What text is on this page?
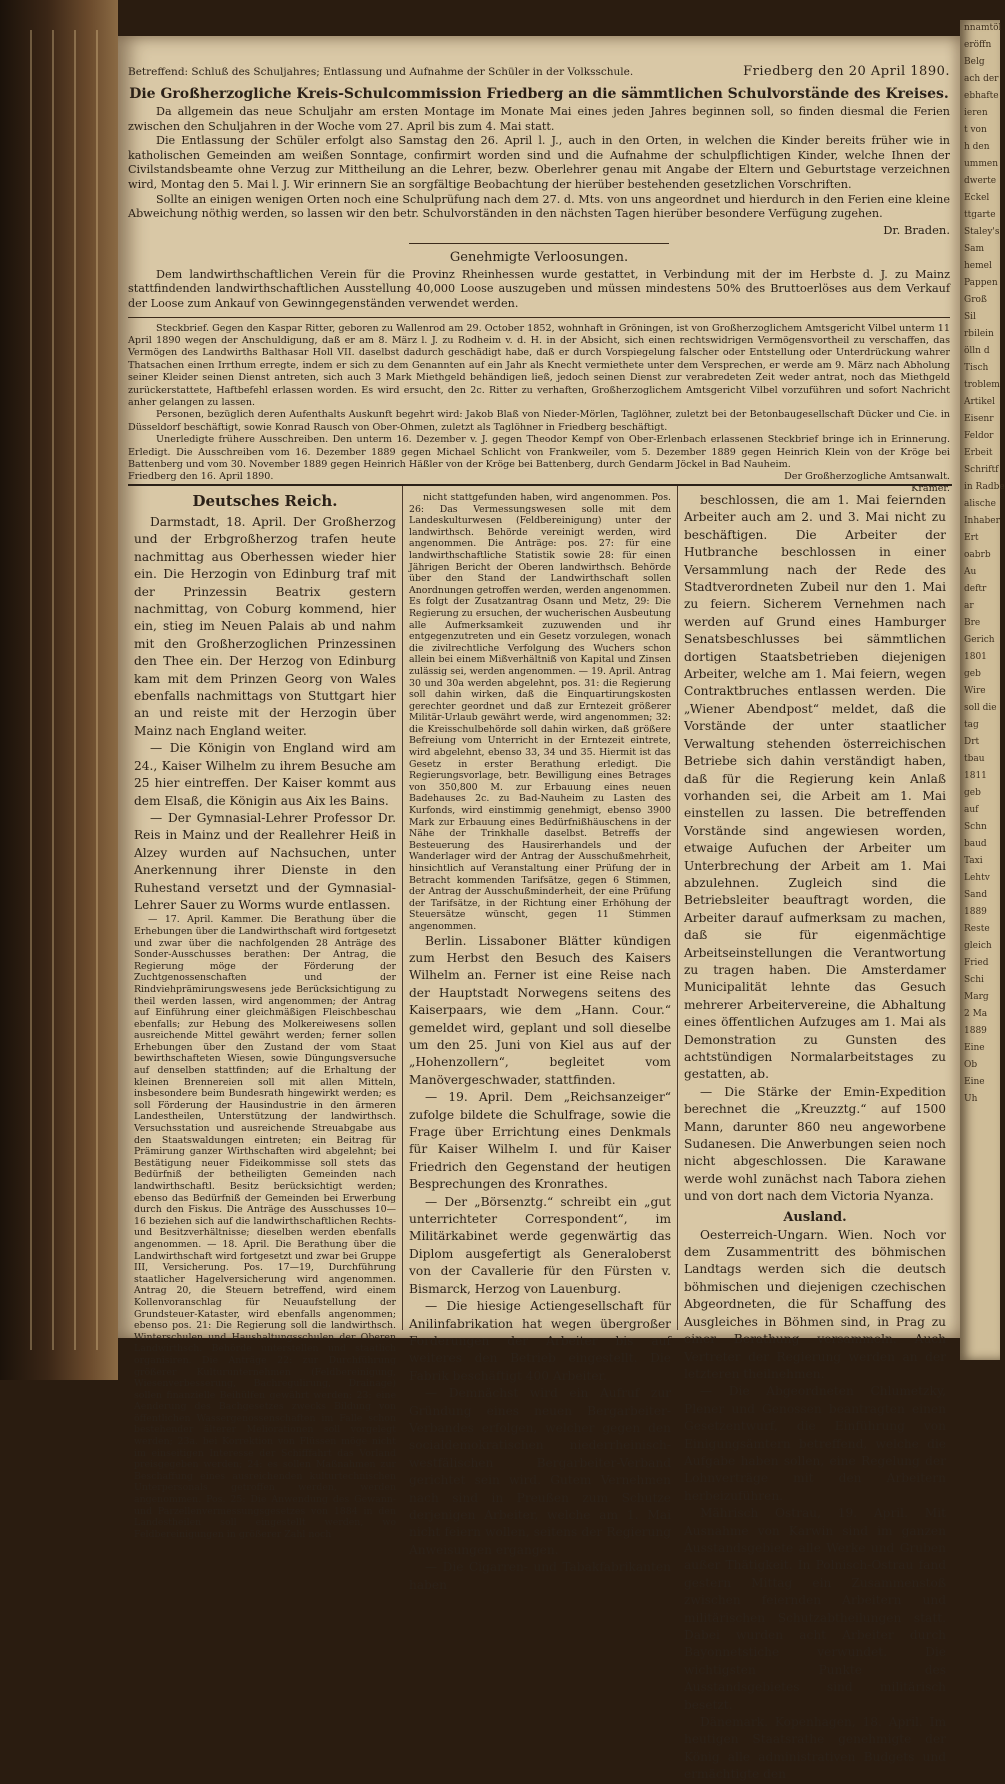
Betreffend: Schluß des Schuljahres; Entlassung und Aufnahme der Schüler in der Volksschule.	Friedberg den 20 April 1890.
Die Großherzogliche Kreis-Schulcommission Friedberg an die sämmtlichen Schulvorstände des Kreises.

Da allgemein das neue Schuljahr am ersten Montage im Monate Mai eines jeden Jahres beginnen soll, so finden diesmal die Ferien zwischen den Schuljahren in der Woche vom 27. April bis zum 4. Mai statt.

Die Entlassung der Schüler erfolgt also Samstag den 26. April l. J., auch in den Orten, in welchen die Kinder bereits früher wie in katholischen Gemeinden am weißen Sonntage, confirmirt worden sind und die Aufnahme der schulpflichtigen Kinder, welche Ihnen der Civilstandsbeamte ohne Verzug zur Mittheilung an die Lehrer, bezw. Oberlehrer genau mit Angabe der Eltern und Geburtstage verzeichnen wird, Montag den 5. Mai l. J. Wir erinnern Sie an sorgfältige Beobachtung der hierüber bestehenden gesetzlichen Vorschriften.

Sollte an einigen wenigen Orten noch eine Schulprüfung nach dem 27. d. Mts. von uns angeordnet und hierdurch in den Ferien eine kleine Abweichung nöthig werden, so lassen wir den betr. Schulvorständen in den nächsten Tagen hierüber besondere Verfügung zugehen.

Dr. Braden.
Genehmigte Verloosungen.

Dem landwirthschaftlichen Verein für die Provinz Rheinhessen wurde gestattet, in Verbindung mit der im Herbste d. J. zu Mainz stattfindenden landwirthschaftlichen Ausstellung 40,000 Loose auszugeben und müssen mindestens 50% des Bruttoerlöses aus dem Verkauf der Loose zum Ankauf von Gewinngegenständen verwendet werden.

Steckbrief. Gegen den Kaspar Ritter, geboren zu Wallenrod am 29. October 1852, wohnhaft in Gröningen, ist von Großherzoglichem Amtsgericht Vilbel unterm 11 April 1890 wegen der Anschuldigung, daß er am 8. März l. J. zu Rodheim v. d. H. in der Absicht, sich einen rechtswidrigen Vermögensvortheil zu verschaffen, das Vermögen des Landwirths Balthasar Holl VII. daselbst dadurch geschädigt habe, daß er durch Vorspiegelung falscher oder Entstellung oder Unterdrückung wahrer Thatsachen einen Irrthum erregte, indem er sich zu dem Genannten auf ein Jahr als Knecht vermiethete unter dem Versprechen, er werde am 9. März nach Abholung seiner Kleider seinen Dienst antreten, sich auch 3 Mark Miethgeld behändigen ließ, jedoch seinen Dienst zur verabredeten Zeit weder antrat, noch das Miethgeld zurückerstattete, Haftbefehl erlassen worden. Es wird ersucht, den 2c. Ritter zu verhaften, Großherzoglichem Amtsgericht Vilbel vorzuführen und sofort Nachricht anher gelangen zu lassen.

Personen, bezüglich deren Aufenthalts Auskunft begehrt wird: Jakob Blaß von Nieder-Mörlen, Taglöhner, zuletzt bei der Betonbaugesellschaft Dücker und Cie. in Düsseldorf beschäftigt, sowie Konrad Rausch von Ober-Ohmen, zuletzt als Taglöhner in Friedberg beschäftigt.

Unerledigte frühere Ausschreiben. Den unterm 16. Dezember v. J. gegen Theodor Kempf von Ober-Erlenbach erlassenen Steckbrief bringe ich in Erinnerung. Erledigt. Die Ausschreiben vom 16. Dezember 1889 gegen Michael Schlicht von Frankweiler, vom 5. Dezember 1889 gegen Heinrich Klein von der Kröge bei Battenberg und vom 30. November 1889 gegen Heinrich Häßler von der Kröge bei Battenberg, durch Gendarm Jöckel in Bad Nauheim.

Friedberg den 16. April 1890.	Der Großherzogliche Amtsanwalt.
Krämer.
Deutsches Reich.

Darmstadt, 18. April. Der Großherzog und der Erbgroßherzog trafen heute nachmittag aus Oberhessen wieder hier ein. Die Herzogin von Edinburg traf mit der Prinzessin Beatrix gestern nachmittag, von Coburg kommend, hier ein, stieg im Neuen Palais ab und nahm mit den Großherzoglichen Prinzessinen den Thee ein. Der Herzog von Edinburg kam mit dem Prinzen Georg von Wales ebenfalls nachmittags von Stuttgart hier an und reiste mit der Herzogin über Mainz nach England weiter.

— Die Königin von England wird am 24., Kaiser Wilhelm zu ihrem Besuche am 25 hier eintreffen. Der Kaiser kommt aus dem Elsaß, die Königin aus Aix les Bains.

— Der Gymnasial-Lehrer Professor Dr. Reis in Mainz und der Reallehrer Heiß in Alzey wurden auf Nachsuchen, unter Anerkennung ihrer Dienste in den Ruhestand versetzt und der Gymnasial-Lehrer Sauer zu Worms wurde entlassen.

— 17. April. Kammer. Die Berathung über die Erhebungen über die Landwirthschaft wird fortgesetzt und zwar über die nachfolgenden 28 Anträge des Sonder-Ausschusses berathen: Der Antrag, die Regierung möge der Förderung der Zuchtgenossenschaften und der Rindviehprämirungswesens jede Berücksichtigung zu theil werden lassen, wird angenommen; der Antrag auf Einführung einer gleichmäßigen Fleischbeschau ebenfalls; zur Hebung des Molkereiwesens sollen ausreichende Mittel gewährt werden; ferner sollen Erhebungen über den Zustand der vom Staat bewirthschafteten Wiesen, sowie Düngungsversuche auf denselben stattfinden; auf die Erhaltung der kleinen Brennereien soll mit allen Mitteln, insbesondere beim Bundesrath hingewirkt werden; es soll Förderung der Hausindustrie in den ärmeren Landestheilen, Unterstützung der landwirthsch. Versuchsstation und ausreichende Streuabgabe aus den Staatswaldungen eintreten; ein Beitrag für Prämirung ganzer Wirthschaften wird abgelehnt; bei Bestätigung neuer Fideikommisse soll stets das Bedürfniß der betheiligten Gemeinden nach landwirthschaftl. Besitz berücksichtigt werden; ebenso das Bedürfniß der Gemeinden bei Erwerbung durch den Fiskus. Die Anträge des Ausschusses 10—16 beziehen sich auf die landwirthschaftlichen Rechts- und Besitzverhältnisse; dieselben werden ebenfalls angenommen. — 18. April. Die Berathung über die Landwirthschaft wird fortgesetzt und zwar bei Gruppe III, Versicherung. Pos. 17—19, Durchführung staatlicher Hagelversicherung wird angenommen. Antrag 20, die Steuern betreffend, wird einem Kollenvoranschlag für Neuaufstellung der Grundsteuer-Kataster, wird ebenfalls angenommen; ebenso pos. 21: Die Regierung soll die landwirthsch. Winterschulen und Haushaltungsschulen der Oberen Landwirthsch. Behörde unterstellen und staatlich organisiren. Die Anträge 22: zur Durchführung größerer Kulturunternehmen (Feldbereinigung, Wiesenverbesserung, Bachregulirung, Drainage) sollen finanzielle Beihülfen gewährt werden; 23: eine Aenderung des Bachgesetzes zwecks Bildung von öffentlichen Wassergenossenschaften im Falle schon bestehender älterer Meliorationen soll vorgelegt werden; 23a. bei Korrektion von Flüssen möge nicht im einseitigen Interesse der Schifffahrt das Vorland preisgegeben werden; 24: es sollen Maßnahmen zur Beschaffung eines ausreichenden kulturtechnischen Unterpersonals getroffen werden, werden angenommen. Pos. 25: Die Anwendung des Gewann- und Parzellenvermessungsgesetzes von 1884 in den Landestheilen soll eingestellt werden, wo Feldbereinigungen in größerer Zahl noch

nicht stattgefunden haben, wird angenommen. Pos. 26: Das Vermessungswesen solle mit dem Landeskulturwesen (Feldbereinigung) unter der landwirthsch. Behörde vereinigt werden, wird angenommen. Die Anträge: pos. 27: für eine landwirthschaftliche Statistik sowie 28: für einen Jährigen Bericht der Oberen landwirthsch. Behörde über den Stand der Landwirthschaft sollen Anordnungen getroffen werden, werden angenommen. Es folgt der Zusatzantrag Osann und Metz, 29: Die Regierung zu ersuchen, der wucherischen Ausbeutung alle Aufmerksamkeit zuzuwenden und ihr entgegenzutreten und ein Gesetz vorzulegen, wonach die zivilrechtliche Verfolgung des Wuchers schon allein bei einem Mißverhältniß von Kapital und Zinsen zulässig sei, werden angenommen. — 19. April. Antrag 30 und 30a werden abgelehnt, pos. 31: die Regierung soll dahin wirken, daß die Einquartirungskosten gerechter geordnet und daß zur Erntezeit größerer Militär-Urlaub gewährt werde, wird angenommen; 32: die Kreisschulbehörde soll dahin wirken, daß größere Befreiung vom Unterricht in der Erntezeit eintrete, wird abgelehnt, ebenso 33, 34 und 35. Hiermit ist das Gesetz in erster Berathung erledigt. Die Regierungsvorlage, betr. Bewilligung eines Betrages von 350,800 M. zur Erbauung eines neuen Badehauses 2c. zu Bad-Nauheim zu Lasten des Kurfonds, wird einstimmig genehmigt, ebenso 3900 Mark zur Erbauung eines Bedürfnißhäuschens in der Nähe der Trinkhalle daselbst. Betreffs der Besteuerung des Hausirerhandels und der Wanderlager wird der Antrag der Ausschußmehrheit, hinsichtlich auf Veranstaltung einer Prüfung der in Betracht kommenden Tarifsätze, gegen 6 Stimmen, der Antrag der Ausschußminderheit, der eine Prüfung der Tarifsätze, in der Richtung einer Erhöhung der Steuersätze wünscht, gegen 11 Stimmen angenommen.

Berlin. Lissaboner Blätter kündigen zum Herbst den Besuch des Kaisers Wilhelm an. Ferner ist eine Reise nach der Hauptstadt Norwegens seitens des Kaiserpaars, wie dem „Hann. Cour.“ gemeldet wird, geplant und soll dieselbe um den 25. Juni von Kiel aus auf der „Hohenzollern“, begleitet vom Manövergeschwader, stattfinden.

— 19. April. Dem „Reichsanzeiger“ zufolge bildete die Schulfrage, sowie die Frage über Errichtung eines Denkmals für Kaiser Wilhelm I. und für Kaiser Friedrich den Gegenstand der heutigen Besprechungen des Kronrathes.

— Der „Börsenztg.“ schreibt ein „gut unterrichteter Correspondent“, im Militärkabinet werde gegenwärtig das Diplom ausgefertigt als Generaloberst von der Cavallerie für den Fürsten v. Bismarck, Herzog von Lauenburg.

— Die hiesige Actiengesellschaft für Anilinfabrikation hat wegen übergroßer Forderungen der Arbeiter bis auf weiteres den Betrieb eingestellt. Die Fabrik beschäftigt 400 Arbeiter.

— Demnächst wird ein Aufruf zur Gründung eines neuen Bergarbeiter-Verbandes erfolgen, welcher gegen den socialdemokratischen niederrheinisch-westfälischen Bergarbeiter-Verband gerichtet sein wird. Gutem Vernehmen nach sind in Preußen zum Schutze derjenigen Arbeiter, welche am 1. Mai nicht feiern wollen, seitens der Regierung Anweisungen ergangen.

— Die Cigarren- und Tabakfabrikanten haben

beschlossen, die am 1. Mai feiernden Arbeiter auch am 2. und 3. Mai nicht zu beschäftigen. Die Arbeiter der Hutbranche beschlossen in einer Versammlung nach der Rede des Stadtverordneten Zubeil nur den 1. Mai zu feiern. Sicherem Vernehmen nach werden auf Grund eines Hamburger Senatsbeschlusses bei sämmtlichen dortigen Staatsbetrieben diejenigen Arbeiter, welche am 1. Mai feiern, wegen Contraktbruches entlassen werden. Die „Wiener Abendpost“ meldet, daß die Vorstände der unter staatlicher Verwaltung stehenden österreichischen Betriebe sich dahin verständigt haben, daß für die Regierung kein Anlaß vorhanden sei, die Arbeit am 1. Mai einstellen zu lassen. Die betreffenden Vorstände sind angewiesen worden, etwaige Aufuchen der Arbeiter um Unterbrechung der Arbeit am 1. Mai abzulehnen. Zugleich sind die Betriebsleiter beauftragt worden, die Arbeiter darauf aufmerksam zu machen, daß sie für eigenmächtige Arbeitseinstellungen die Verantwortung zu tragen haben. Die Amsterdamer Municipalität lehnte das Gesuch mehrerer Arbeitervereine, die Abhaltung eines öffentlichen Aufzuges am 1. Mai als Demonstration zu Gunsten des achtstündigen Normalarbeitstages zu gestatten, ab.

— Die Stärke der Emin-Expedition berechnet die „Kreuzztg.“ auf 1500 Mann, darunter 860 neu angeworbene Sudanesen. Die Anwerbungen seien noch nicht abgeschlossen. Die Karawane werde wohl zunächst nach Tabora ziehen und von dort nach dem Victoria Nyanza.

Ausland.

Oesterreich-Ungarn. Wien. Noch vor dem Zusammentritt des böhmischen Landtags werden sich die deutsch böhmischen und diejenigen czechischen Abgeordneten, die für Schaffung des Ausgleiches in Böhmen sind, in Prag zu einer Berathung versammeln. Auch Vertreter der Regierung werden an der letzteren theilnehmen.

— Die Abgeordneten Chlumetzky, Plener und Genossen beantragten einen Gesetzentwurf, die Einführung von Einigungsämtern betreffend, welche die Aufgabe haben sollen, eine Regelung der Lohnverträge mit den Arbeitern herbeizuführen.

Mährisch Ostrau, 19. April. Mit Ausnahme von Karwin sind im ganzen Ausstandsgebiete alle Werke und Gruben außer Thätigkeit. In Polnisch-Ostrau fand gestern Mittag ein Zusammenstoß zwischen feiernden Arbeitern und militärischen Schutzabtheilungen statt. Dabei wurden acht Arbeiter durch Bayonnetstiche verwundet. Die wichtigsten Punkte des Ausstandsgebietes sind militärisch besetzt.

Dänemark. Kopenhagen, 18. April. Im heutigen Staatsrathe genehmigte der König alle administrativen Budgets und ermächtigte den

nnamtöl
eröffn
Belg
ach der
ebhafte
ieren
t von
h den
ummen
dwerte
Eckel
ttgarte
Staley's
Sam
hemel
Pappen
Groß
Sil
rbilein
ölln d
Tisch
troblem
Artikel
Eisenr
Feldor
Erbeit
Schriftf
in Radbe
alische
Inhaber
Ert
oabrb
Au
deftr
ar
Bre
Gerich
1801
geb
Wire
soll die
tag
Drt
tbau
1811
geb
auf
Schn
baud
Taxi
Lehtv
Sand
1889
Reste
gleich
Fried
Schi
Marg
2 Ma
1889
Eine
Ob
Eine
Uh
